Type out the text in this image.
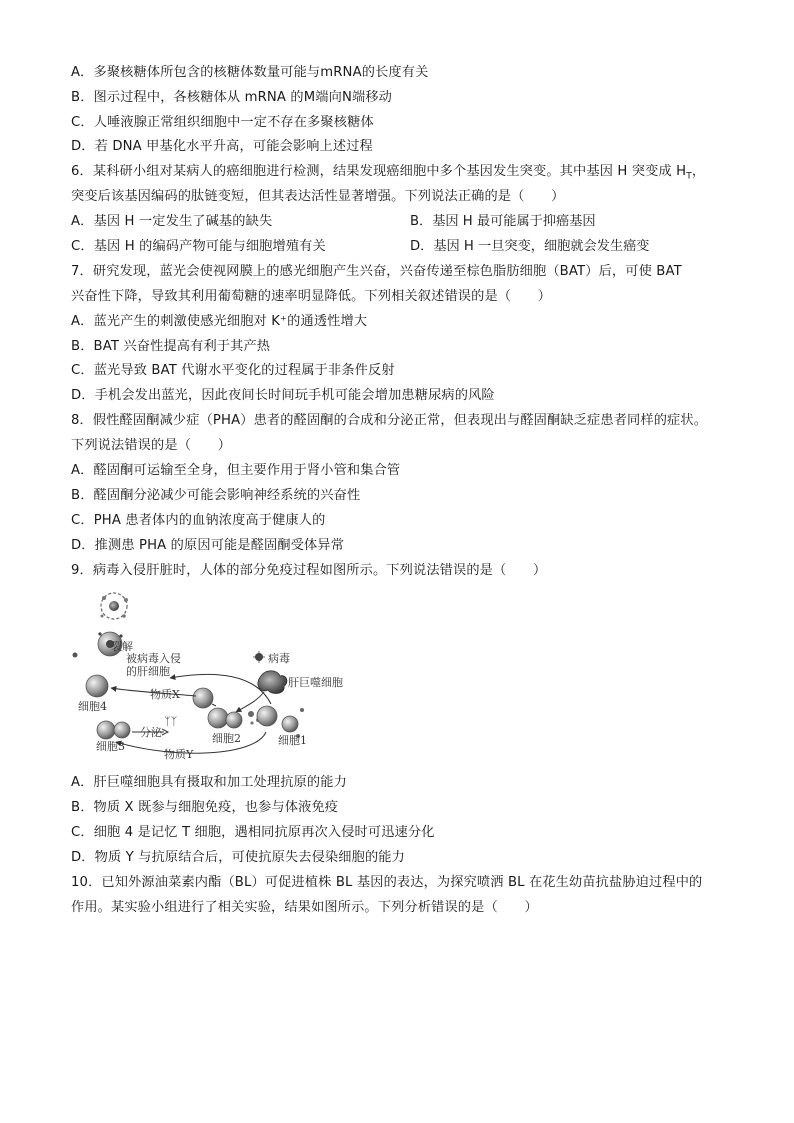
A．多聚核糖体所包含的核糖体数量可能与mRNA的长度有关
B．图示过程中，各核糖体从 mRNA 的M端向N端移动
C．人唾液腺正常组织细胞中一定不存在多聚核糖体
D．若 DNA 甲基化水平升高，可能会影响上述过程
6．某科研小组对某病人的癌细胞进行检测，结果发现癌细胞中多个基因发生突变。其中基因 H 突变成 $H_T$，
突变后该基因编码的肽链变短，但其表达活性显著增强。下列说法正确的是（　　）
A．基因 H 一定发生了碱基的缺失	B．基因 H 最可能属于抑癌基因
C．基因 H 的编码产物可能与细胞增殖有关	D．基因 H 一旦突变，细胞就会发生癌变
7．研究发现，蓝光会使视网膜上的感光细胞产生兴奋，兴奋传递至棕色脂肪细胞（BAT）后，可使 BAT
兴奋性下降，导致其利用葡萄糖的速率明显降低。下列相关叙述错误的是（　　）
A．蓝光产生的刺激使感光细胞对 K⁺的通透性增大
B．BAT 兴奋性提高有利于其产热
C．蓝光导致 BAT 代谢水平变化的过程属于非条件反射
D．手机会发出蓝光，因此夜间长时间玩手机可能会增加患糖尿病的风险
8．假性醛固酮减少症（PHA）患者的醛固酮的合成和分泌正常，但表现出与醛固酮缺乏症患者同样的症状。
下列说法错误的是（　　）
A．醛固酮可运输至全身，但主要作用于肾小管和集合管
B．醛固酮分泌减少可能会影响神经系统的兴奋性
C．PHA 患者体内的血钠浓度高于健康人的
D．推测患 PHA 的原因可能是醛固酮受体异常
9．病毒入侵肝脏时，人体的部分免疫过程如图所示。下列说法错误的是（　　）
裂解
被病毒入侵
的肝细胞
病毒
肝巨噬细胞
细胞2
物质X
细胞1
细胞4
细胞3
分泌
ᛉᛉ
物质Y
A．肝巨噬细胞具有摄取和加工处理抗原的能力
B．物质 X 既参与细胞免疫，也参与体液免疫
C．细胞 4 是记忆 T 细胞，遇相同抗原再次入侵时可迅速分化
D．物质 Y 与抗原结合后，可使抗原失去侵染细胞的能力
10．已知外源油菜素内酯（BL）可促进植株 BL 基因的表达，为探究喷洒 BL 在花生幼苗抗盐胁迫过程中的
作用。某实验小组进行了相关实验，结果如图所示。下列分析错误的是（　　）
